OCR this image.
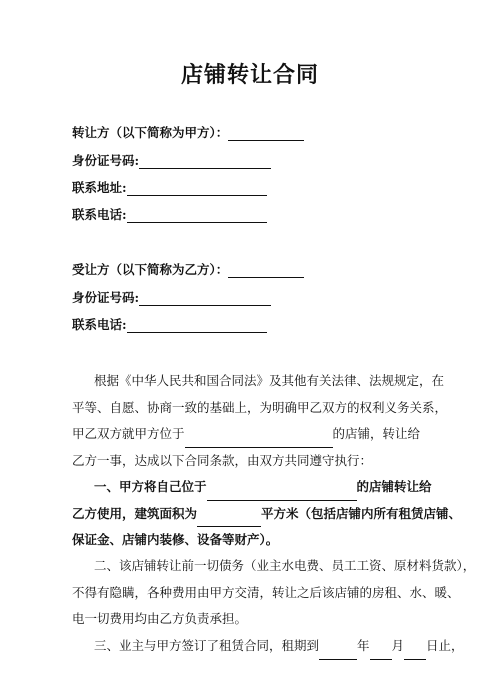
店铺转让合同
转让方（以下简称为甲方）：
身份证号码:
联系地址:
联系电话:
受让方（以下简称为乙方）：
身份证号码:
联系电话:
根据《中华人民共和国合同法》及其他有关法律、法规规定，在
平等、自愿、协商一致的基础上，为明确甲乙双方的权利义务关系，
甲乙双方就甲方位于	的店铺，转让给
乙方一事，达成以下合同条款，由双方共同遵守执行：
一、甲方将自己位于	的店铺转让给
乙方使用，建筑面积为	平方米（包括店铺内所有租赁店铺、
保证金、店铺内装修、设备等财产）。
二、该店铺转让前一切债务（业主水电费、员工工资、原材料货款），
不得有隐瞒，各种费用由甲方交清，转让之后该店铺的房租、水、暖、
电一切费用均由乙方负责承担。
三、业主与甲方签订了租赁合同，租期到	年 月 日止，
